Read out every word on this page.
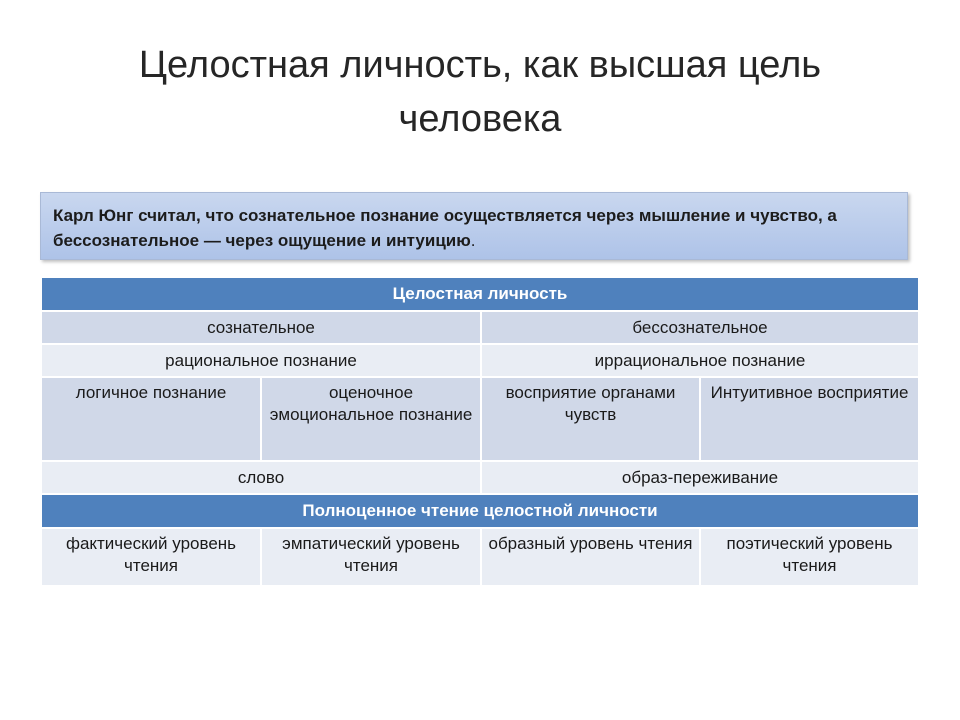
Целостная личность, как высшая цель
человека
Карл Юнг считал, что сознательное познание осуществляется через мышление и чувство, а бессознательное — через ощущение и интуицию.
Целостная личность			
сознательное		бессознательное	
рациональное познание		иррациональное познание	
логичное познание	оценочное эмоциональное познание	восприятие органами чувств	Интуитивное восприятие
слово		образ-переживание	
Полноценное чтение целостной личности			
фактический уровень чтения	эмпатический уровень чтения	образный уровень чтения	поэтический уровень чтения
